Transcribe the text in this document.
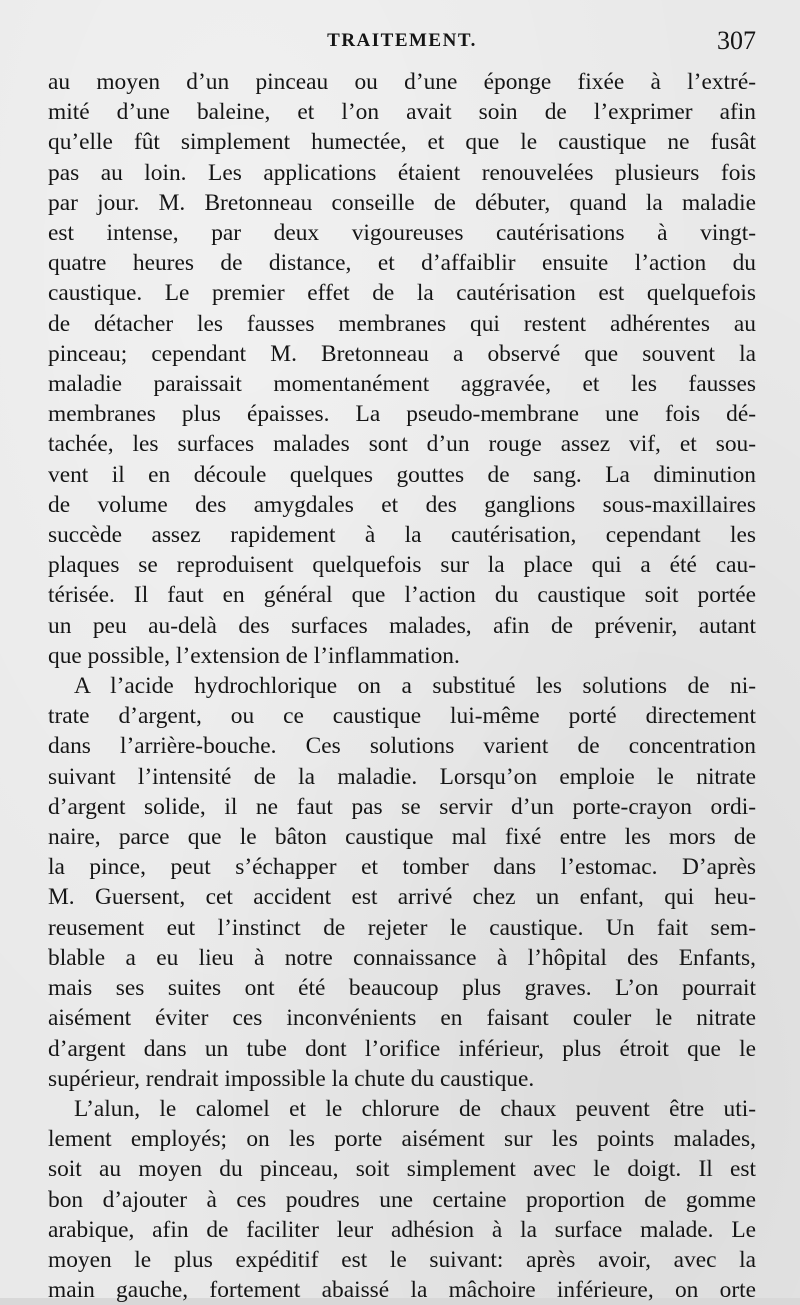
TRAITEMENT.	307
au moyen d’un pinceau ou d’une éponge fixée à l’extré-
mité d’une baleine, et l’on avait soin de l’exprimer afin
qu’elle fût simplement humectée, et que le caustique ne fusât
pas au loin. Les applications étaient renouvelées plusieurs fois
par jour. M. Bretonneau conseille de débuter, quand la maladie
est intense, par deux vigoureuses cautérisations à vingt-
quatre heures de distance, et d’affaiblir ensuite l’action du
caustique. Le premier effet de la cautérisation est quelquefois
de détacher les fausses membranes qui restent adhérentes au
pinceau; cependant M. Bretonneau a observé que souvent la
maladie paraissait momentanément aggravée, et les fausses
membranes plus épaisses. La pseudo-membrane une fois dé-
tachée, les surfaces malades sont d’un rouge assez vif, et sou-
vent il en découle quelques gouttes de sang. La diminution
de volume des amygdales et des ganglions sous-maxillaires
succède assez rapidement à la cautérisation, cependant les
plaques se reproduisent quelquefois sur la place qui a été cau-
térisée. Il faut en général que l’action du caustique soit portée
un peu au-delà des surfaces malades, afin de prévenir, autant
que possible, l’extension de l’inflammation.
A l’acide hydrochlorique on a substitué les solutions de ni-
trate d’argent, ou ce caustique lui-même porté directement
dans l’arrière-bouche. Ces solutions varient de concentration
suivant l’intensité de la maladie. Lorsqu’on emploie le nitrate
d’argent solide, il ne faut pas se servir d’un porte-crayon ordi-
naire, parce que le bâton caustique mal fixé entre les mors de
la pince, peut s’échapper et tomber dans l’estomac. D’après
M. Guersent, cet accident est arrivé chez un enfant, qui heu-
reusement eut l’instinct de rejeter le caustique. Un fait sem-
blable a eu lieu à notre connaissance à l’hôpital des Enfants,
mais ses suites ont été beaucoup plus graves. L’on pourrait
aisément éviter ces inconvénients en faisant couler le nitrate
d’argent dans un tube dont l’orifice inférieur, plus étroit que le
supérieur, rendrait impossible la chute du caustique.
L’alun, le calomel et le chlorure de chaux peuvent être uti-
lement employés; on les porte aisément sur les points malades,
soit au moyen du pinceau, soit simplement avec le doigt. Il est
bon d’ajouter à ces poudres une certaine proportion de gomme
arabique, afin de faciliter leur adhésion à la surface malade. Le
moyen le plus expéditif est le suivant: après avoir, avec la
main gauche, fortement abaissé la mâchoire inférieure, on orte
